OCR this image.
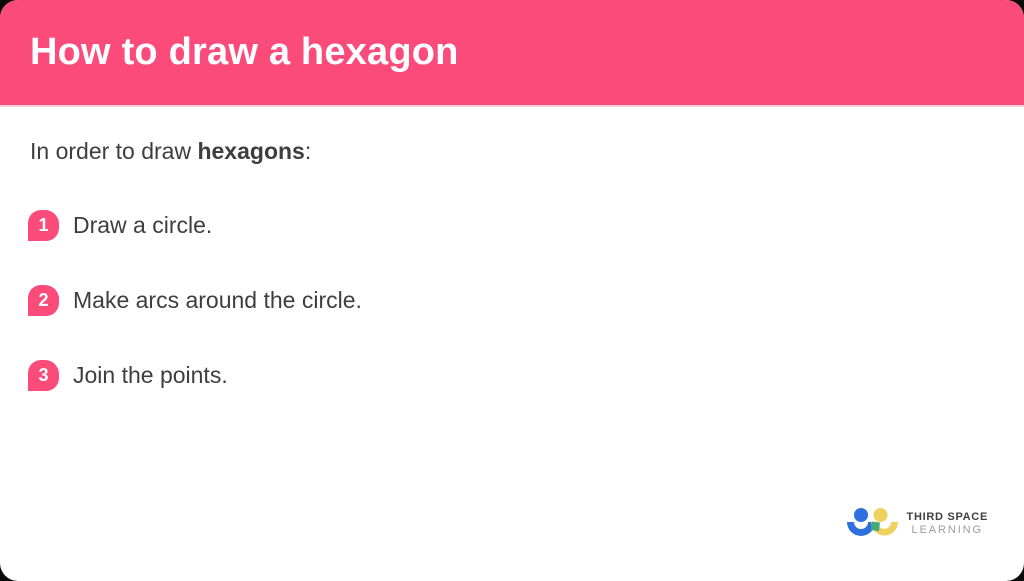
How to draw a hexagon

In order to draw hexagons:

1	Draw a circle.
2	Make arcs around the circle.
3	Join the points.
THIRD SPACE
LEARNING
